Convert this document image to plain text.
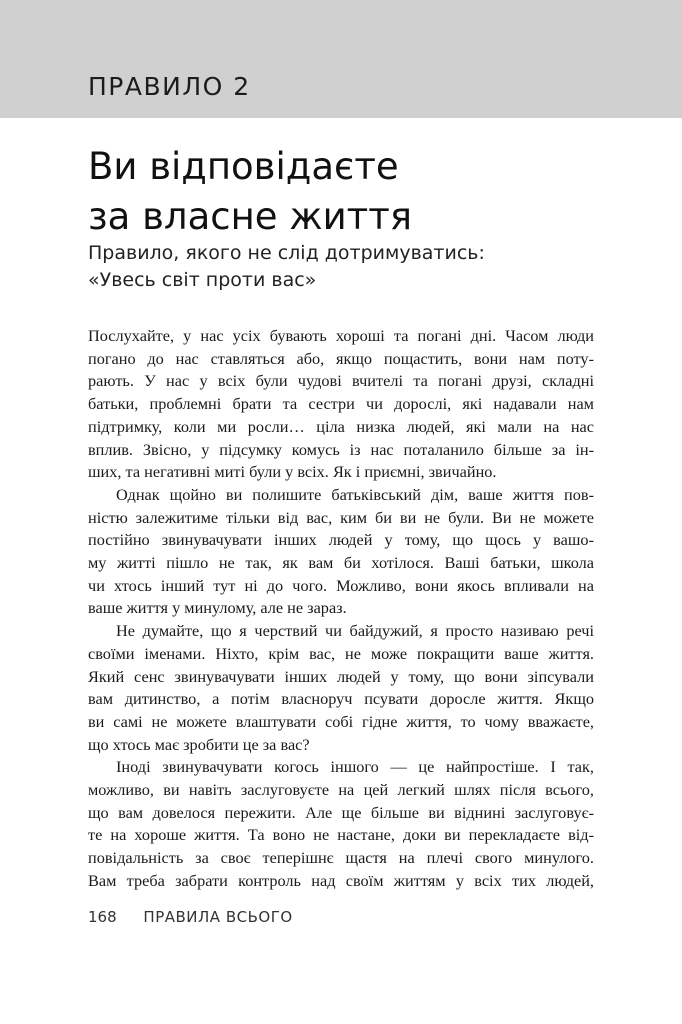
ПРАВИЛО 2
Ви відповідаєте
за власне життя

Правило, якого не слід дотримуватись:
«Увесь світ проти вас»

Послухайте, у нас усіх бувають хороші та погані дні. Часом люди
погано до нас ставляться або, якщо пощастить, вони нам поту-
рають. У нас у всіх були чудові вчителі та погані друзі, складні
батьки, проблемні брати та сестри чи дорослі, які надавали нам
підтримку, коли ми росли… ціла низка людей, які мали на нас
вплив. Звісно, у підсумку комусь із нас поталанило більше за ін-
ших, та негативні миті були у всіх. Як і приємні, звичайно.

Однак щойно ви полишите батьківський дім, ваше життя пов-
ністю залежитиме тільки від вас, ким би ви не були. Ви не можете
постійно звинувачувати інших людей у тому, що щось у вашо-
му житті пішло не так, як вам би хотілося. Ваші батьки, школа
чи хтось інший тут ні до чого. Можливо, вони якось впливали на
ваше життя у минулому, але не зараз.

Не думайте, що я черствий чи байдужий, я просто називаю речі
своїми іменами. Ніхто, крім вас, не може покращити ваше життя.
Який сенс звинувачувати інших людей у тому, що вони зіпсували
вам дитинство, а потім власноруч псувати доросле життя. Якщо
ви самі не можете влаштувати собі гідне життя, то чому вважаєте,
що хтось має зробити це за вас?

Іноді звинувачувати когось іншого — це найпростіше. І так,
можливо, ви навіть заслуговуєте на цей легкий шлях після всього,
що вам довелося пережити. Але ще більше ви віднині заслуговує-
те на хороше життя. Та воно не настане, доки ви перекладаєте від-
повідальність за своє теперішнє щастя на плечі свого минулого.
Вам треба забрати контроль над своїм життям у всіх тих людей,

168 ПРАВИЛА ВСЬОГО
